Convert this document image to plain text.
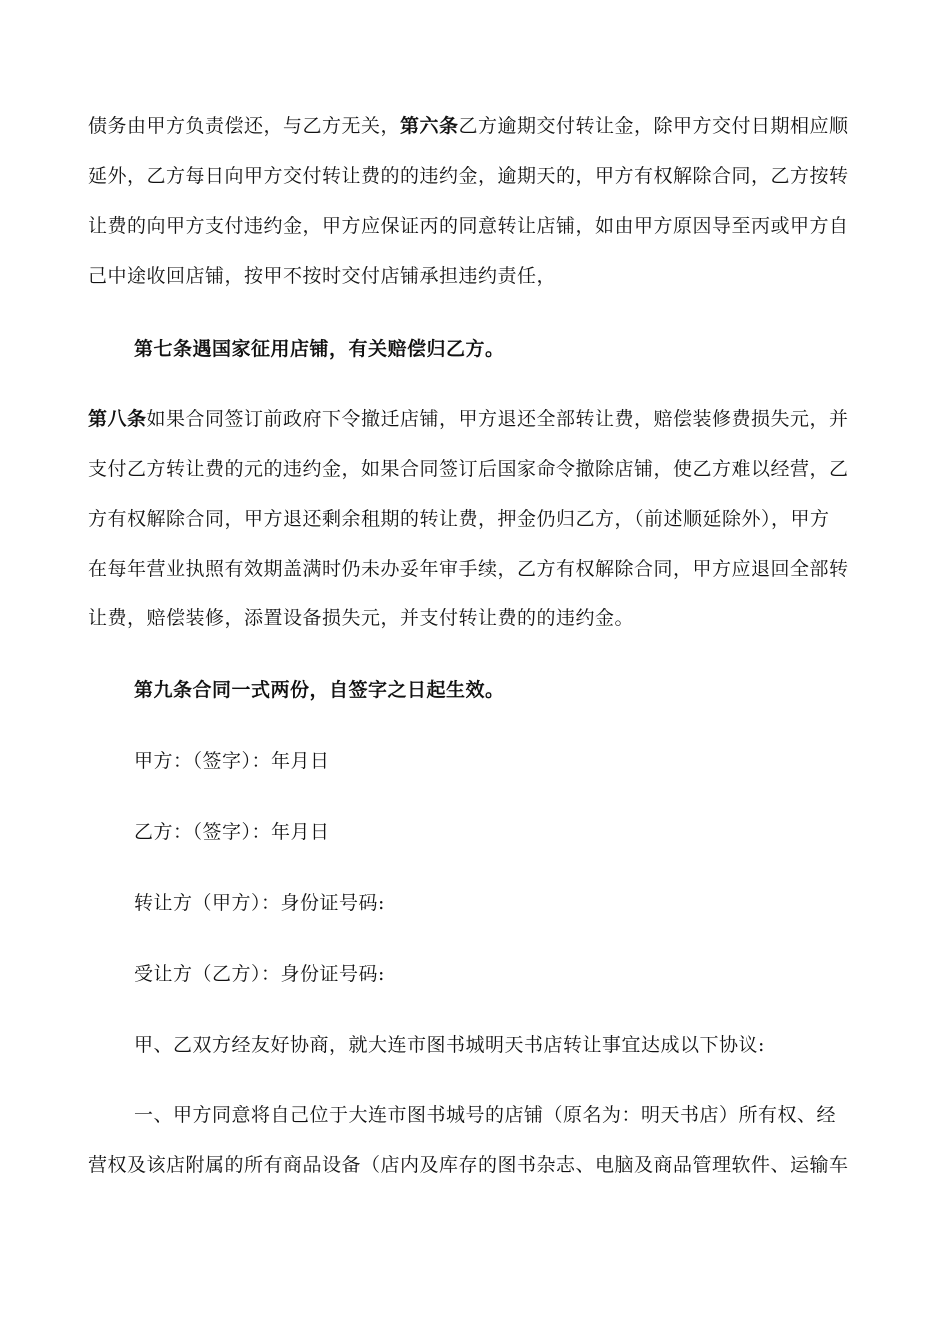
债务由甲方负责偿还，与乙方无关，第六条乙方逾期交付转让金，除甲方交付日期相应顺
延外，乙方每日向甲方交付转让费的的违约金，逾期天的，甲方有权解除合同，乙方按转
让费的向甲方支付违约金，甲方应保证丙的同意转让店铺，如由甲方原因导至丙或甲方自
己中途收回店铺，按甲不按时交付店铺承担违约责任，
第七条遇国家征用店铺，有关赔偿归乙方。
第八条如果合同签订前政府下令撤迁店铺，甲方退还全部转让费，赔偿装修费损失元，并
支付乙方转让费的元的违约金，如果合同签订后国家命令撤除店铺，使乙方难以经营，乙
方有权解除合同，甲方退还剩余租期的转让费，押金仍归乙方，（前述顺延除外），甲方
在每年营业执照有效期盖满时仍未办妥年审手续，乙方有权解除合同，甲方应退回全部转
让费，赔偿装修，添置设备损失元，并支付转让费的的违约金。
第九条合同一式两份，自签字之日起生效。
甲方：（签字）：年月日
乙方：（签字）：年月日
转让方（甲方）：身份证号码:
受让方（乙方）：身份证号码:
甲、乙双方经友好协商，就大连市图书城明天书店转让事宜达成以下协议:
一、甲方同意将自己位于大连市图书城号的店铺（原名为：明天书店）所有权、经
营权及该店附属的所有商品设备（店内及库存的图书杂志、电脑及商品管理软件、运输车
